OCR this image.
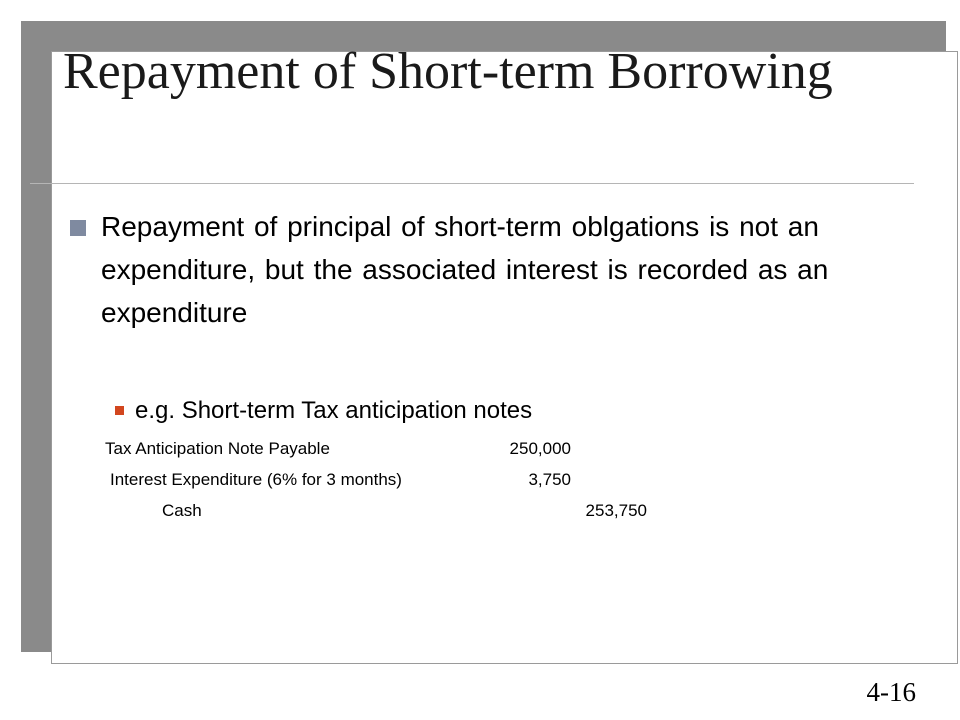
Repayment of Short-term Borrowing

Repayment of principal of short-term oblgations is not an expenditure, but the associated interest is recorded as an expenditure

e.g. Short-term Tax anticipation notes

Tax Anticipation Note Payable	250,000
Interest Expenditure (6% for 3 months)	3,750
Cash	253,750
4-16
